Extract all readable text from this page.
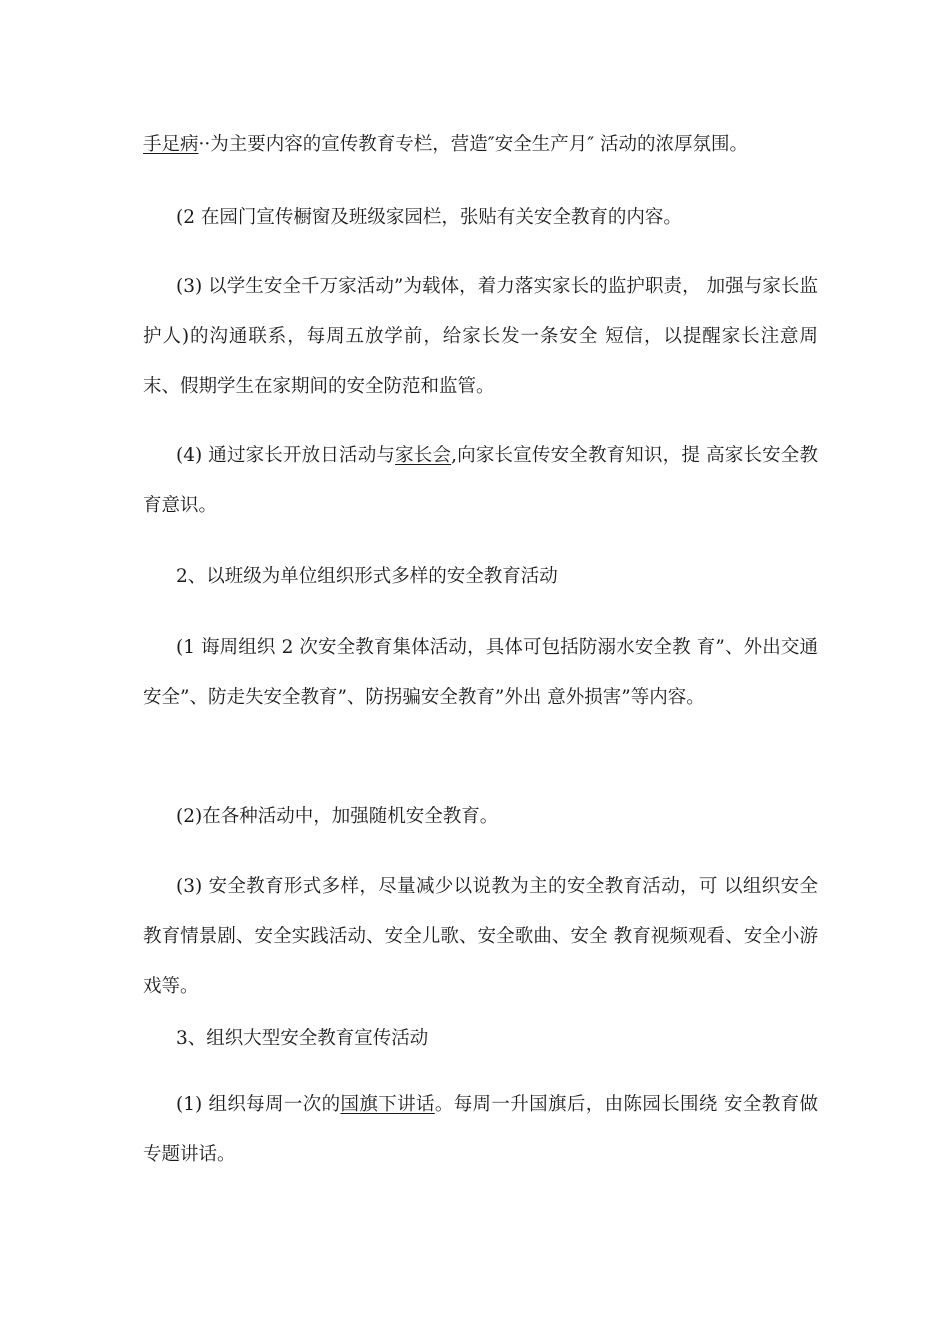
手足病··为主要内容的宣传教育专栏，营造″安全生产月″ 活动的浓厚氛围。

(2 在园门宣传橱窗及班级家园栏，张贴有关安全教育的内容。

(3) 以学生安全千万家活动”为载体，着力落实家长的监护职责， 加强与家长监护人)的沟通联系，每周五放学前，给家长发一条安全 短信，以提醒家长注意周末、假期学生在家期间的安全防范和监管。

(4) 通过家长开放日活动与家长会,向家长宣传安全教育知识，提 高家长安全教育意识。

2、以班级为单位组织形式多样的安全教育活动

(1 诲周组织 2 次安全教育集体活动，具体可包括防溺水安全教 育”、外出交通安全”、防走失安全教育”、防拐骗安全教育”外出 意外损害”等内容。

(2)在各种活动中，加强随机安全教育。

(3) 安全教育形式多样，尽量减少以说教为主的安全教育活动，可 以组织安全教育情景剧、安全实践活动、安全儿歌、安全歌曲、安全 教育视频观看、安全小游戏等。

3、组织大型安全教育宣传活动

(1) 组织每周一次的国旗下讲话。每周一升国旗后，由陈园长围绕 安全教育做专题讲话。
